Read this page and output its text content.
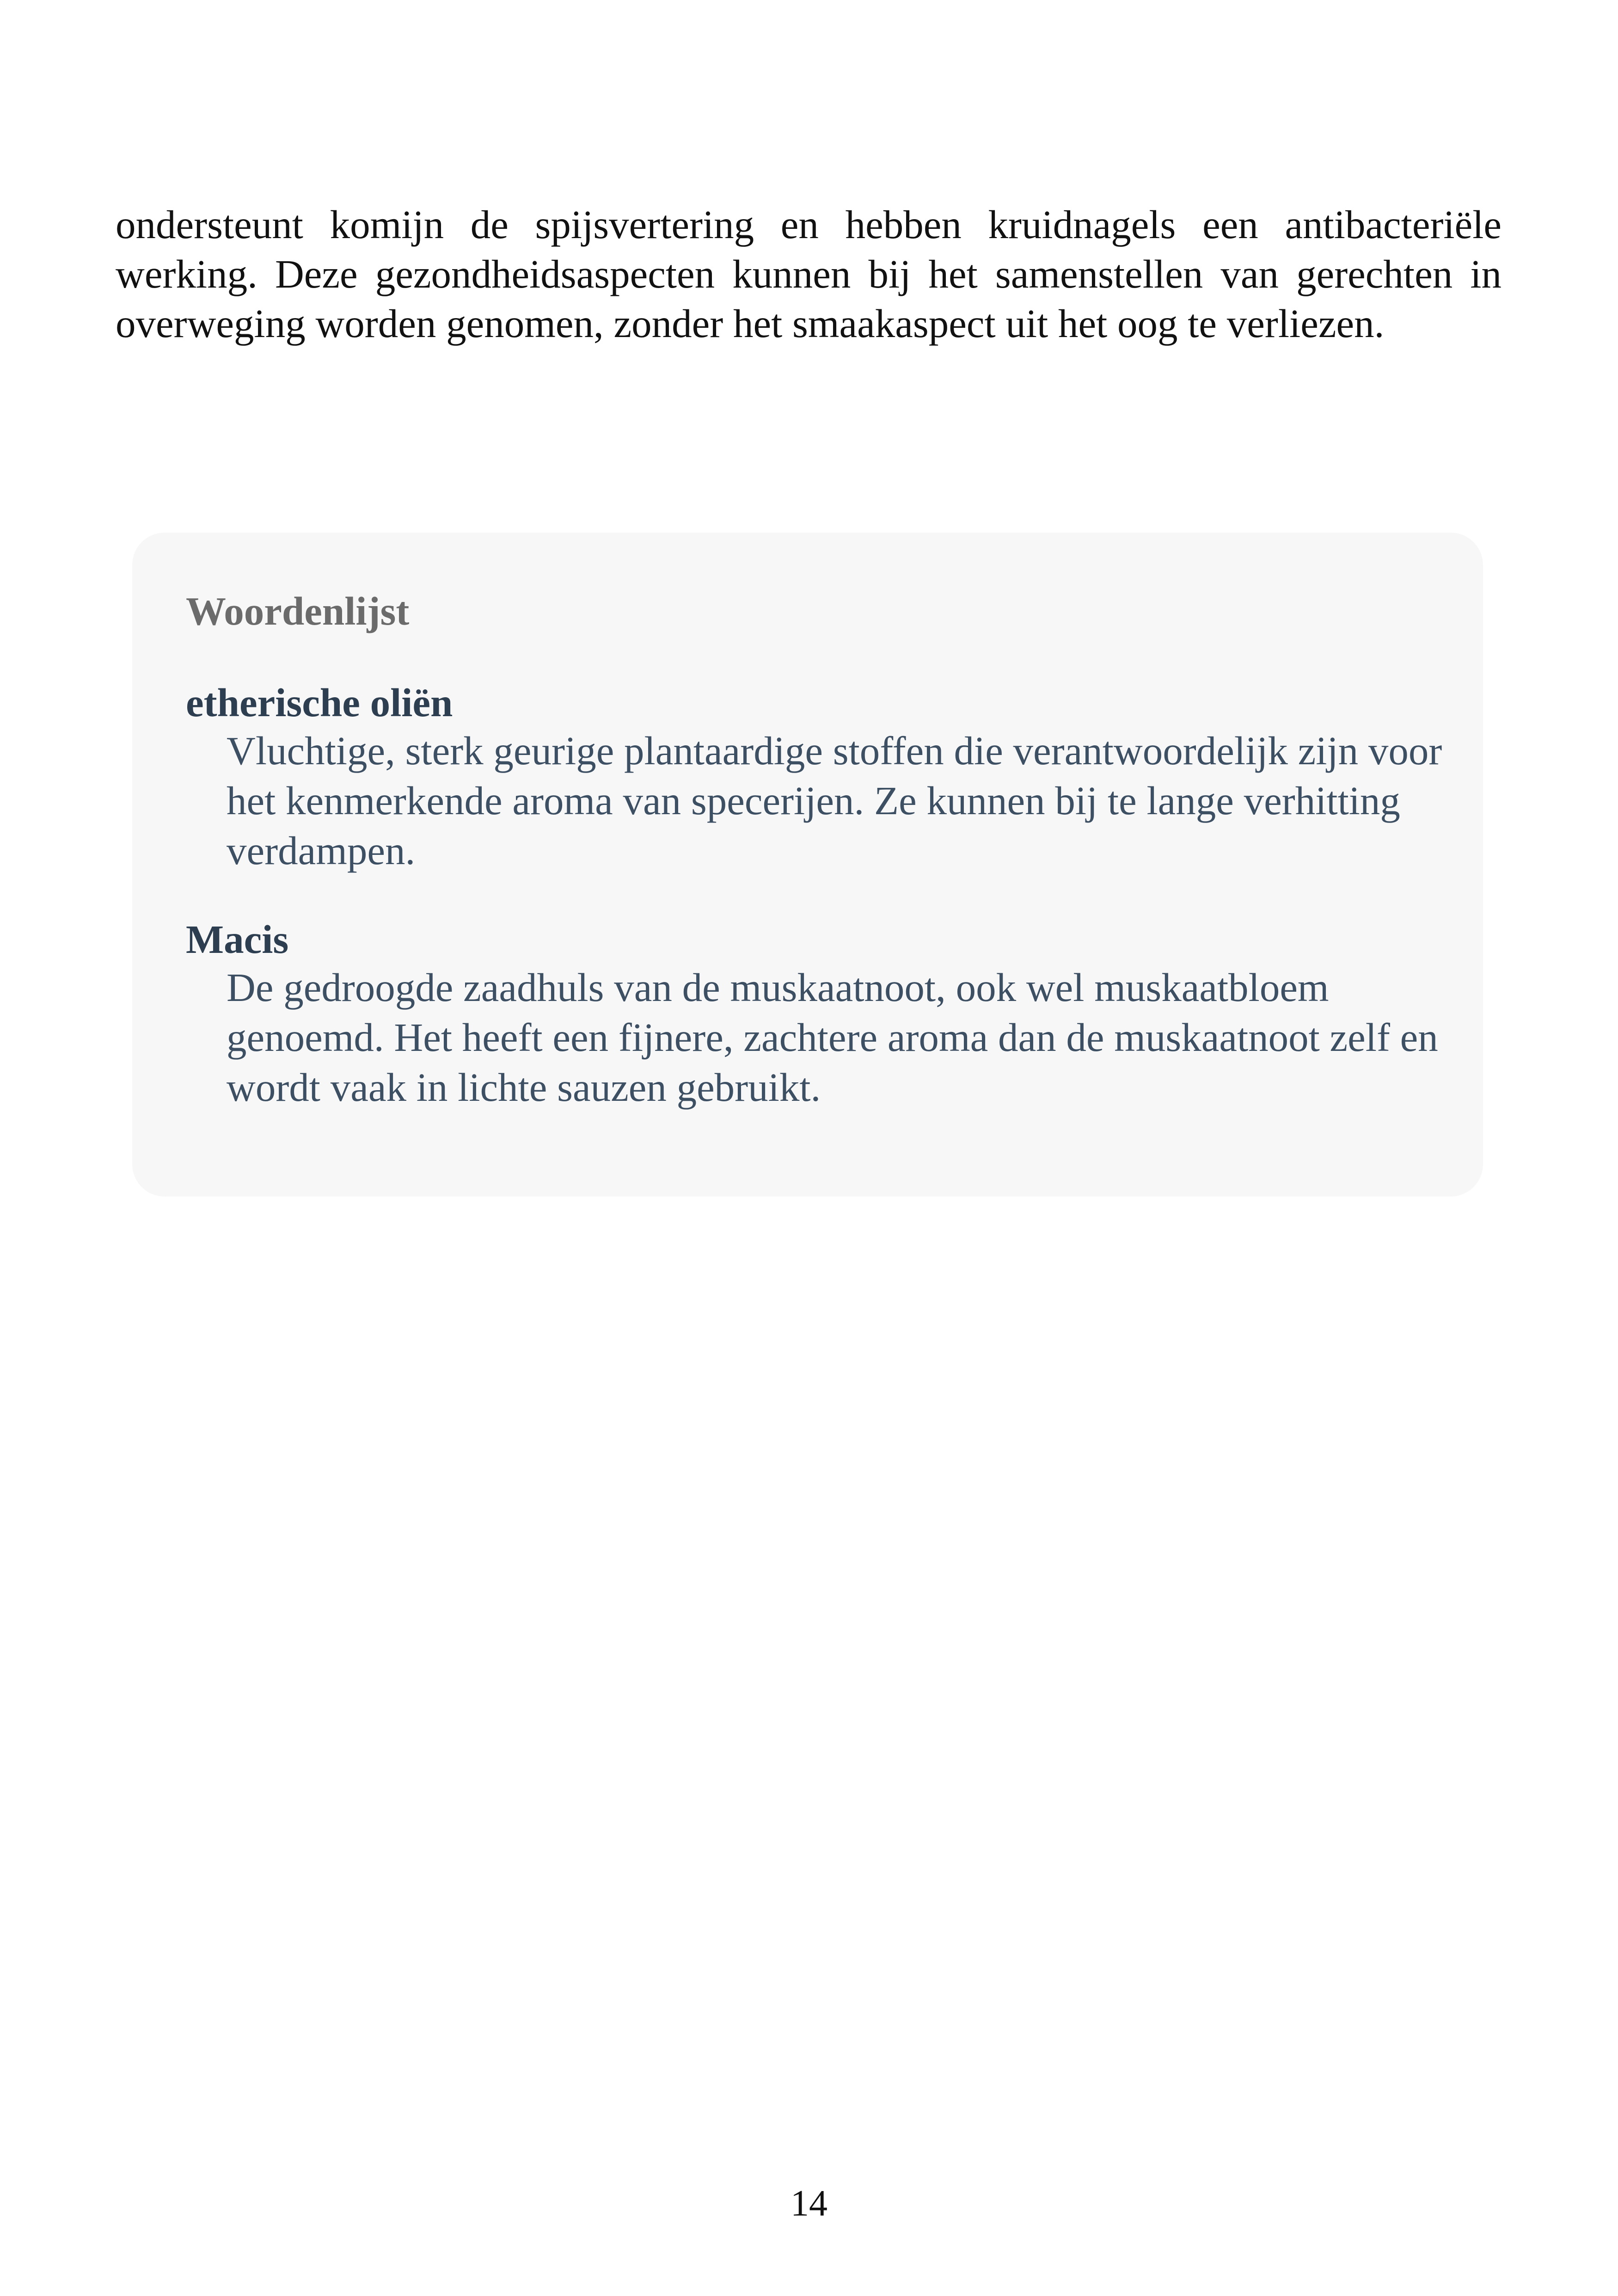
ondersteunt komijn de spijsvertering en hebben kruidnagels een antibacteriële werking. Deze gezondheidsaspecten kunnen bij het samenstellen van gerechten in overweging worden genomen, zonder het smaakaspect uit het oog te verliezen.

Woordenlijst

etherische oliën

Vluchtige, sterk geurige plantaardige stoffen die verantwoordelijk zijn voor het kenmerkende aroma van specerijen. Ze kunnen bij te lange verhitting verdampen.

Macis

De gedroogde zaadhuls van de muskaatnoot, ook wel muskaatbloem genoemd. Het heeft een fijnere, zachtere aroma dan de muskaatnoot zelf en wordt vaak in lichte sauzen gebruikt.

14
